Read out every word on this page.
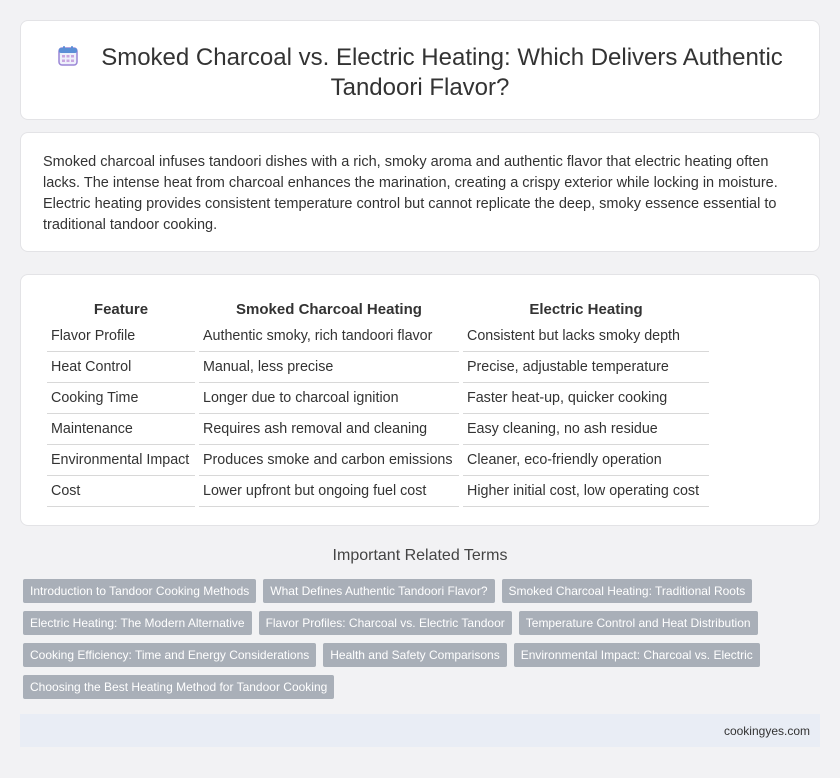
Smoked Charcoal vs. Electric Heating: Which Delivers Authentic Tandoori Flavor?

Smoked charcoal infuses tandoori dishes with a rich, smoky aroma and authentic flavor that electric heating often lacks. The intense heat from charcoal enhances the marination, creating a crispy exterior while locking in moisture. Electric heating provides consistent temperature control but cannot replicate the deep, smoky essence essential to traditional tandoor cooking.

Feature	Smoked Charcoal Heating	Electric Heating
Flavor Profile	Authentic smoky, rich tandoori flavor	Consistent but lacks smoky depth
Heat Control	Manual, less precise	Precise, adjustable temperature
Cooking Time	Longer due to charcoal ignition	Faster heat-up, quicker cooking
Maintenance	Requires ash removal and cleaning	Easy cleaning, no ash residue
Environmental Impact	Produces smoke and carbon emissions	Cleaner, eco-friendly operation
Cost	Lower upfront but ongoing fuel cost	Higher initial cost, low operating cost
Important Related Terms
Introduction to Tandoor Cooking Methods	What Defines Authentic Tandoori Flavor?	Smoked Charcoal Heating: Traditional Roots
Electric Heating: The Modern Alternative	Flavor Profiles: Charcoal vs. Electric Tandoor	Temperature Control and Heat Distribution
Cooking Efficiency: Time and Energy Considerations	Health and Safety Comparisons	Environmental Impact: Charcoal vs. Electric
Choosing the Best Heating Method for Tandoor Cooking
cookingyes.com
